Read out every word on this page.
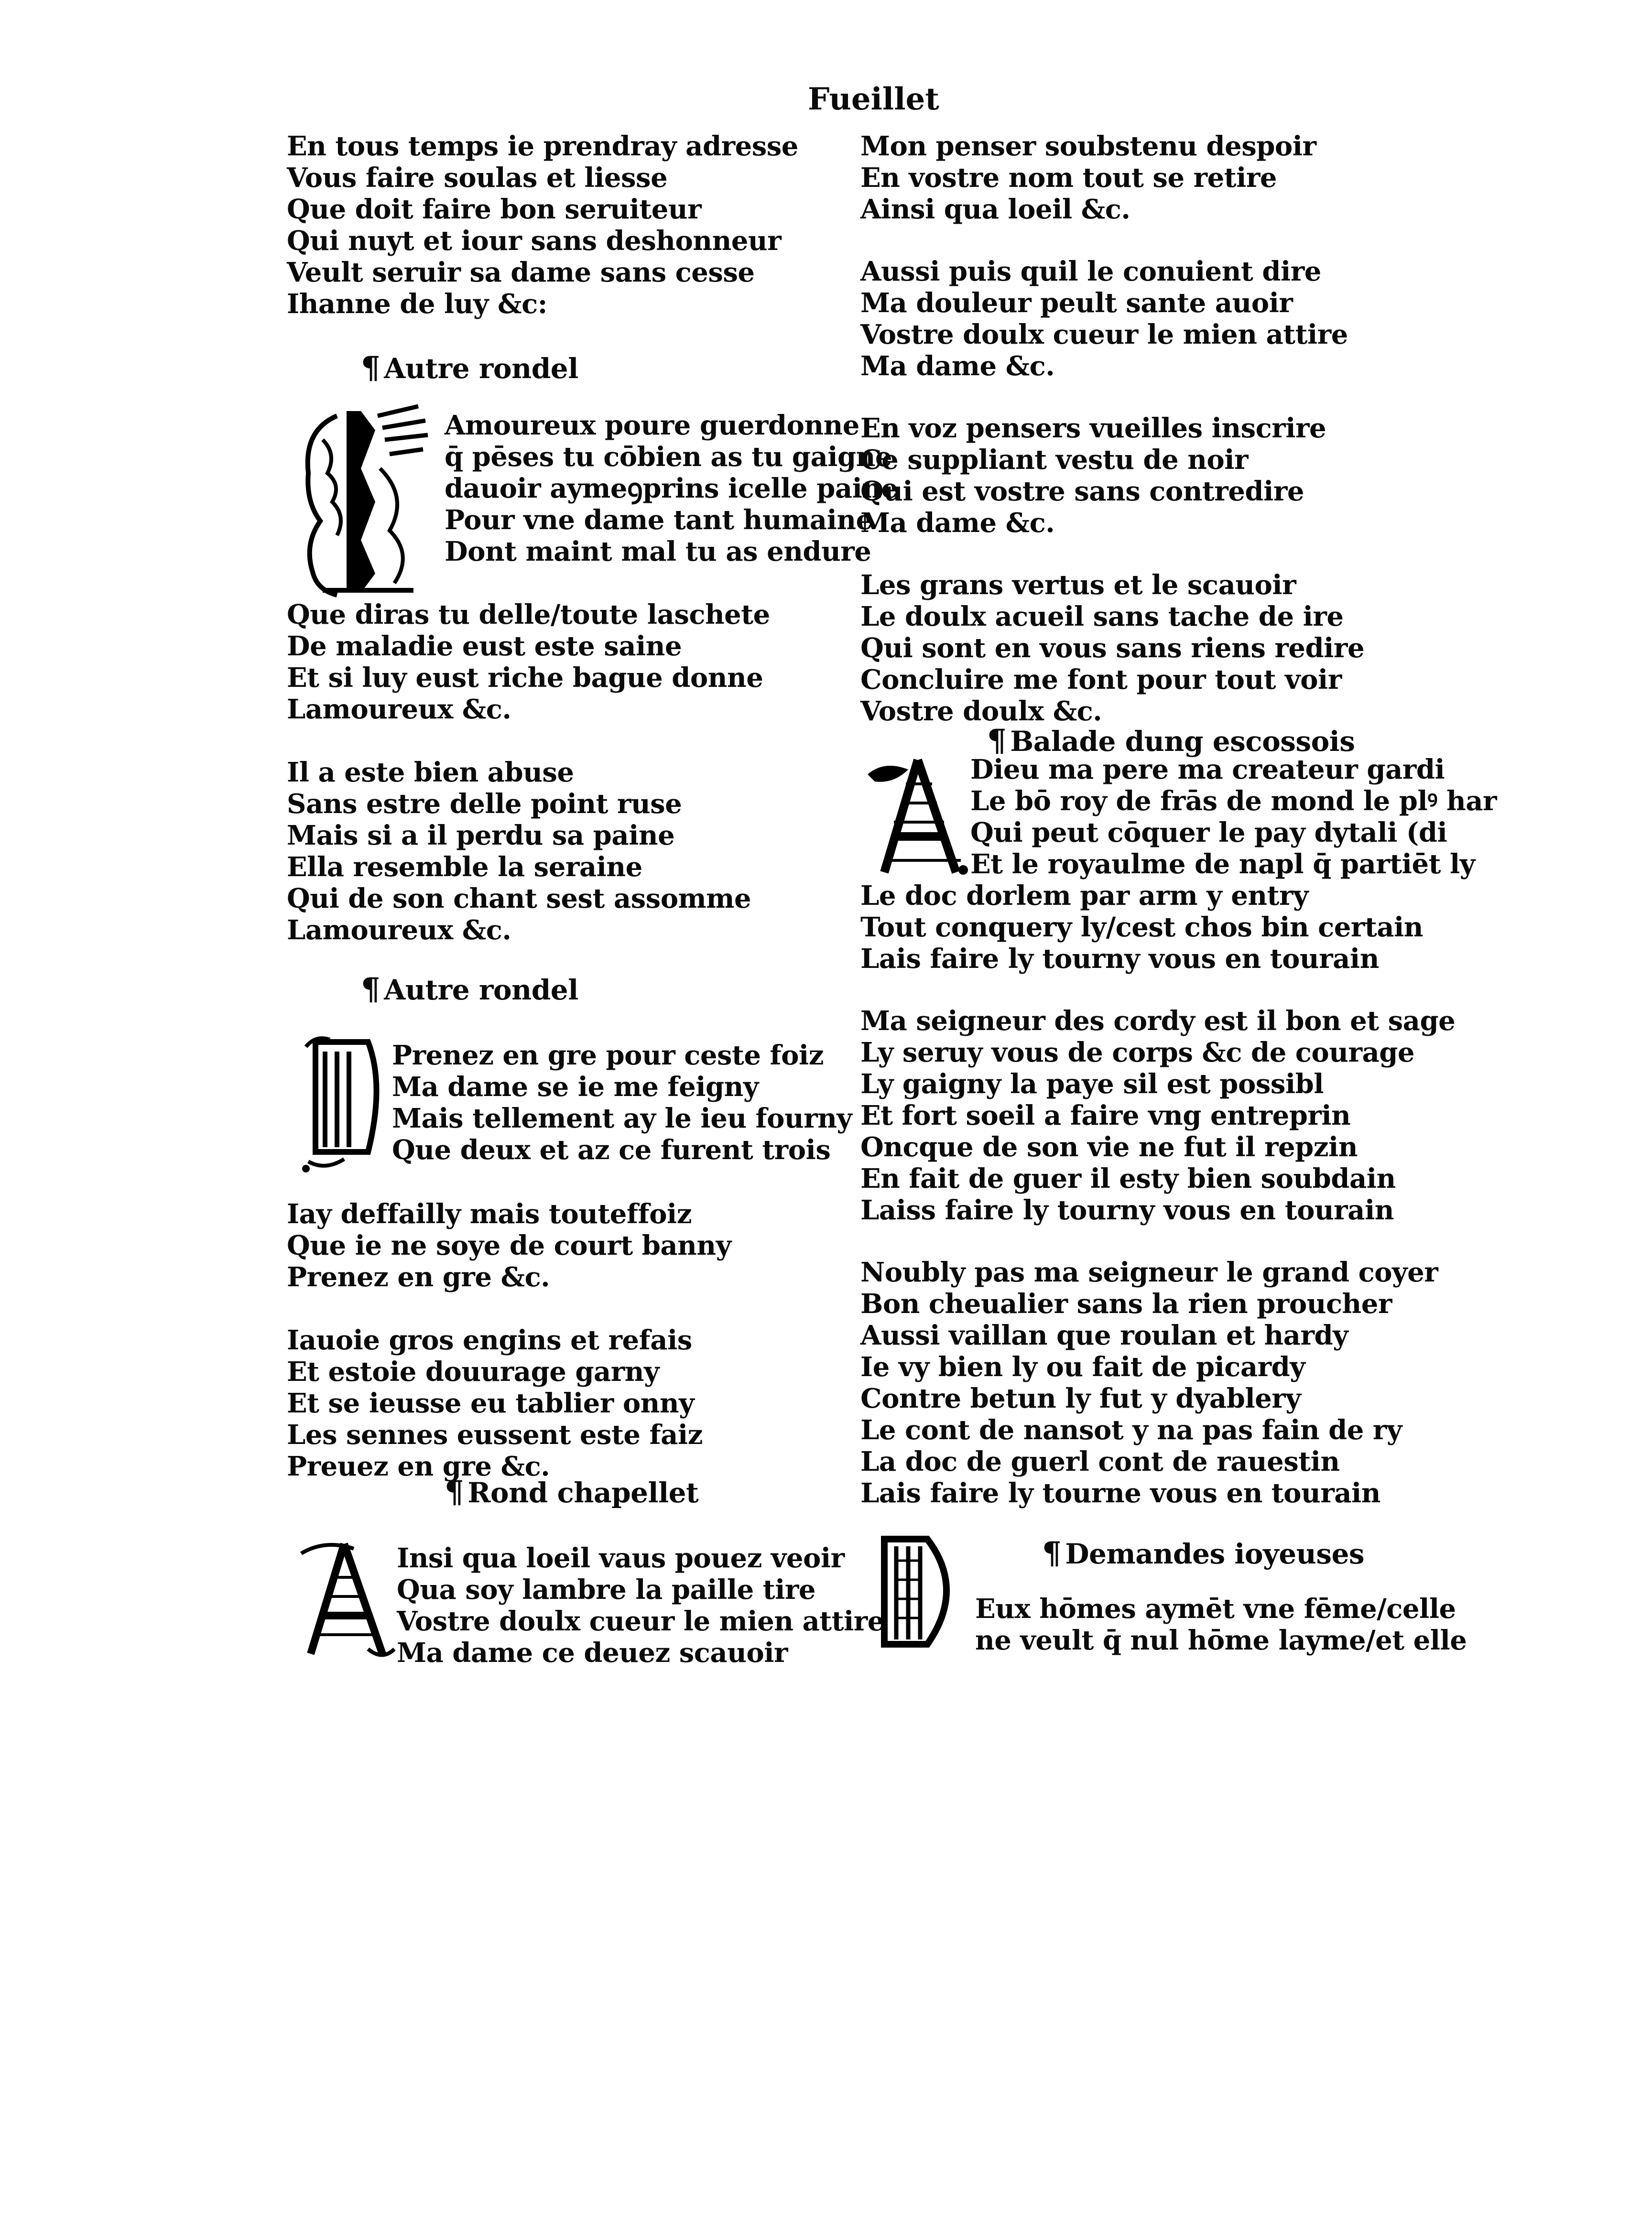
Fueillet
En tous temps ie prendray adresse
Vous faire soulas et liesse
Que doit faire bon seruiteur
Qui nuyt et iour sans deshonneur
Veult seruir sa dame sans cesse
Ihanne de luy &c:
¶ Autre rondel
Amoureux poure guerdonne
q̄ pēses tu cōbien as tu gaigne
dauoir aymeꝯprins icelle paine
Pour vne dame tant humaine
Dont maint mal tu as endure
Que diras tu delle/toute laschete
De maladie eust este saine
Et si luy eust riche bague donne
Lamoureux &c.
Il a este bien abuse
Sans estre delle point ruse
Mais si a il perdu sa paine
Ella resemble la seraine
Qui de son chant sest assomme
Lamoureux &c.
¶ Autre rondel
Prenez en gre pour ceste foiz
Ma dame se ie me feigny
Mais tellement ay le ieu fourny
Que deux et az ce furent trois
Iay deffailly mais touteffoiz
Que ie ne soye de court banny
Prenez en gre &c.
Iauoie gros engins et refais
Et estoie douurage garny
Et se ieusse eu tablier onny
Les sennes eussent este faiz
Preuez en gre &c.
¶ Rond chapellet
Insi qua loeil vaus pouez veoir
Qua soy lambre la paille tire
Vostre doulx cueur le mien attire
Ma dame ce deuez scauoir
Mon penser soubstenu despoir
En vostre nom tout se retire
Ainsi qua loeil &c.
Aussi puis quil le conuient dire
Ma douleur peult sante auoir
Vostre doulx cueur le mien attire
Ma dame &c.
En voz pensers vueilles inscrire
Ce suppliant vestu de noir
Qui est vostre sans contredire
Ma dame &c.
Les grans vertus et le scauoir
Le doulx acueil sans tache de ire
Qui sont en vous sans riens redire
Concluire me font pour tout voir
Vostre doulx &c.
¶ Balade dung escossois
Dieu ma pere ma createur gardi
Le bō roy de frās de mond le plꝰ har
Qui peut cōquer le pay dytali (di
Et le royaulme de napl q̄ partiēt ly
Le doc dorlem par arm y entry
Tout conquery ly/cest chos bin certain
Lais faire ly tourny vous en tourain
Ma seigneur des cordy est il bon et sage
Ly seruy vous de corps &c de courage
Ly gaigny la paye sil est possibl
Et fort soeil a faire vng entreprin
Oncque de son vie ne fut il repzin
En fait de guer il esty bien soubdain
Laiss faire ly tourny vous en tourain
Noubly pas ma seigneur le grand coyer
Bon cheualier sans la rien proucher
Aussi vaillan que roulan et hardy
Ie vy bien ly ou fait de picardy
Contre betun ly fut y dyablery
Le cont de nansot y na pas fain de ry
La doc de guerl cont de rauestin
Lais faire ly tourne vous en tourain
¶ Demandes ioyeuses
Eux hōmes aymēt vne fēme/celle
ne veult q̄ nul hōme layme/et elle
